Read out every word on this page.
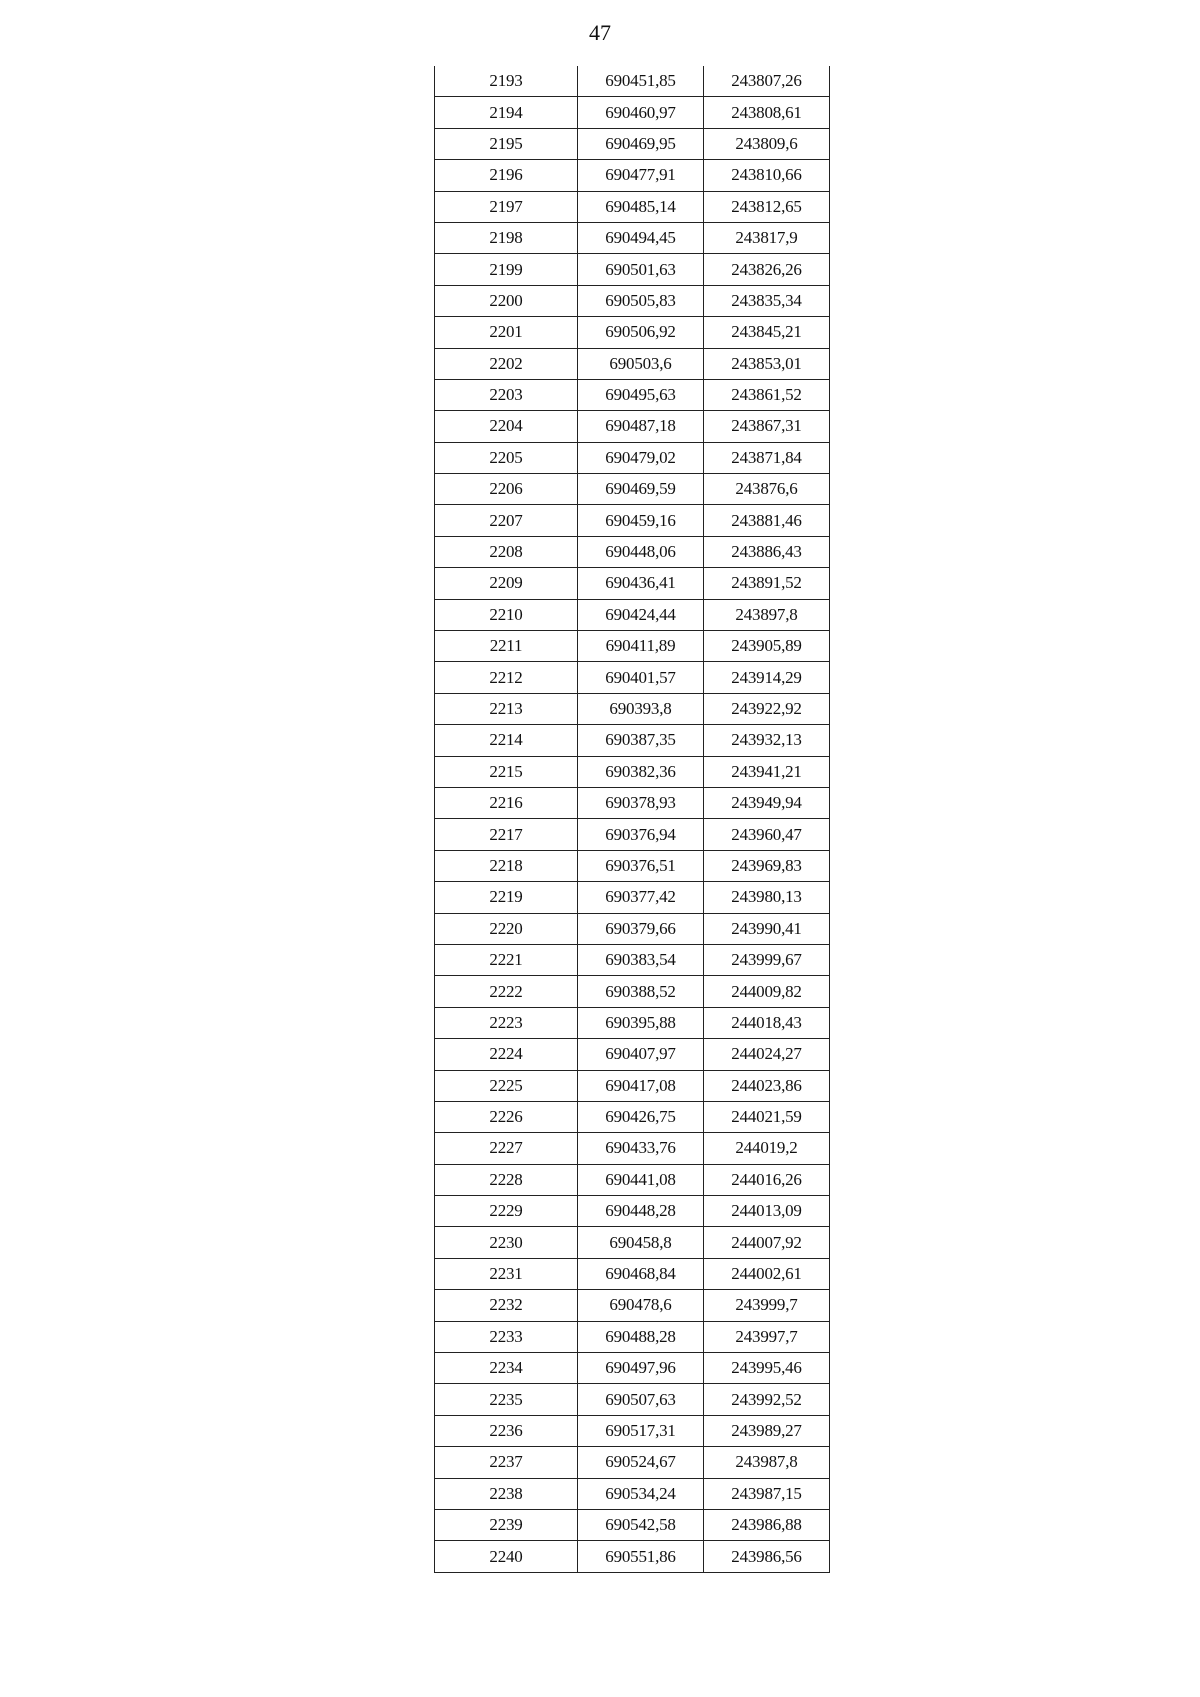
47
2193	690451,85	243807,26
2194	690460,97	243808,61
2195	690469,95	243809,6
2196	690477,91	243810,66
2197	690485,14	243812,65
2198	690494,45	243817,9
2199	690501,63	243826,26
2200	690505,83	243835,34
2201	690506,92	243845,21
2202	690503,6	243853,01
2203	690495,63	243861,52
2204	690487,18	243867,31
2205	690479,02	243871,84
2206	690469,59	243876,6
2207	690459,16	243881,46
2208	690448,06	243886,43
2209	690436,41	243891,52
2210	690424,44	243897,8
2211	690411,89	243905,89
2212	690401,57	243914,29
2213	690393,8	243922,92
2214	690387,35	243932,13
2215	690382,36	243941,21
2216	690378,93	243949,94
2217	690376,94	243960,47
2218	690376,51	243969,83
2219	690377,42	243980,13
2220	690379,66	243990,41
2221	690383,54	243999,67
2222	690388,52	244009,82
2223	690395,88	244018,43
2224	690407,97	244024,27
2225	690417,08	244023,86
2226	690426,75	244021,59
2227	690433,76	244019,2
2228	690441,08	244016,26
2229	690448,28	244013,09
2230	690458,8	244007,92
2231	690468,84	244002,61
2232	690478,6	243999,7
2233	690488,28	243997,7
2234	690497,96	243995,46
2235	690507,63	243992,52
2236	690517,31	243989,27
2237	690524,67	243987,8
2238	690534,24	243987,15
2239	690542,58	243986,88
2240	690551,86	243986,56
